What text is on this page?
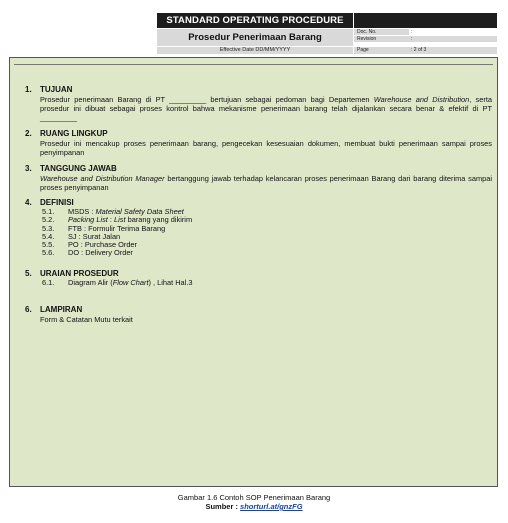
STANDARD OPERATING PROCEDURE
Prosedur Penerimaan Barang
Effective Date DD/MM/YYYY
Doc. No.	:
Revision	:
Page	: 2 of 3
1. TUJUAN
Prosedur penerimaan Barang di PT _________ bertujuan sebagai pedoman bagi Departemen Warehouse and Distribution, serta prosedur ini dibuat sebagai proses kontrol bahwa mekanisme penerimaan barang telah dijalankan secara benar & efektif di PT _________
2. RUANG LINGKUP
Prosedur ini mencakup proses penerimaan barang, pengecekan kesesuaian dokumen, membuat bukti penerimaan sampai proses penyimpanan
3. TANGGUNG JAWAB
Warehouse and Distribution Manager bertanggung jawab terhadap kelancaran proses penerimaan Barang dari barang diterima sampai proses penyimpanan
4. DEFINISI
5.1. MSDS : Material Safety Data Sheet
5.2. Packing List : List barang yang dikirim
5.3. FTB : Formulir Terima Barang
5.4. SJ : Surat Jalan
5.5. PO : Purchase Order
5.6. DO : Delivery Order
5. URAIAN PROSEDUR
6.1. Diagram Alir (Flow Chart) , Lihat Hal.3
6. LAMPIRAN
Form & Catatan Mutu terkait
Gambar 1.6 Contoh SOP Penerimaan Barang
Sumber : shorturl.at/gnzFG
